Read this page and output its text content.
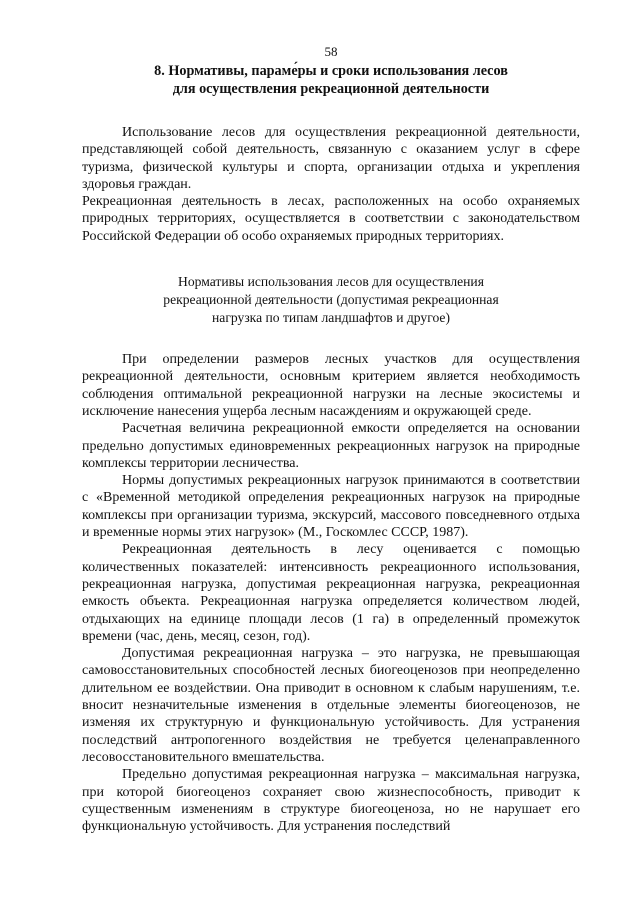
58
8. Нормативы, параме́ры и сроки использования лесов
для осуществления рекреационной деятельности

Использование лесов для осуществления рекреационной деятельности, представляющей собой деятельность, связанную с оказанием услуг в сфере туризма, физической культуры и спорта, организации отдыха и укрепления здоровья граждан.

Рекреационная деятельность в лесах, расположенных на особо охраняемых природных территориях, осуществляется в соответствии с законодательством Российской Федерации об особо охраняемых природных территориях.

Нормативы использования лесов для осуществления
рекреационной деятельности (допустимая рекреационная
нагрузка по типам ландшафтов и другое)

При определении размеров лесных участков для осуществления рекреационной деятельности, основным критерием является необходимость соблюдения оптимальной рекреационной нагрузки на лесные экосистемы и исключение нанесения ущерба лесным насаждениям и окружающей среде.

Расчетная величина рекреационной емкости определяется на основании предельно допустимых единовременных рекреационных нагрузок на природные комплексы территории лесничества.

Нормы допустимых рекреационных нагрузок принимаются в соответствии с «Временной методикой определения рекреационных нагрузок на природные комплексы при организации туризма, экскурсий, массового повседневного отдыха и временные нормы этих нагрузок» (М., Госкомлес СССР, 1987).

Рекреационная деятельность в лесу оценивается с помощью количественных показателей: интенсивность рекреационного использования, рекреационная нагрузка, допустимая рекреационная нагрузка, рекреационная емкость объекта. Рекреационная нагрузка определяется количеством людей, отдыхающих на единице площади лесов (1 га) в определенный промежуток времени (час, день, месяц, сезон, год).

Допустимая рекреационная нагрузка – это нагрузка, не превышающая самовосстановительных способностей лесных биогеоценозов при неопределенно длительном ее воздействии. Она приводит в основном к слабым нарушениям, т.е. вносит незначительные изменения в отдельные элементы биогеоценозов, не изменяя их структурную и функциональную устойчивость. Для устранения последствий антропогенного воздействия не требуется целенаправленного лесовосстановительного вмешательства.

Предельно допустимая рекреационная нагрузка – максимальная нагрузка, при которой биогеоценоз сохраняет свою жизнеспособность, приводит к существенным изменениям в структуре биогеоценоза, но не нарушает его функциональную устойчивость. Для устранения последствий
